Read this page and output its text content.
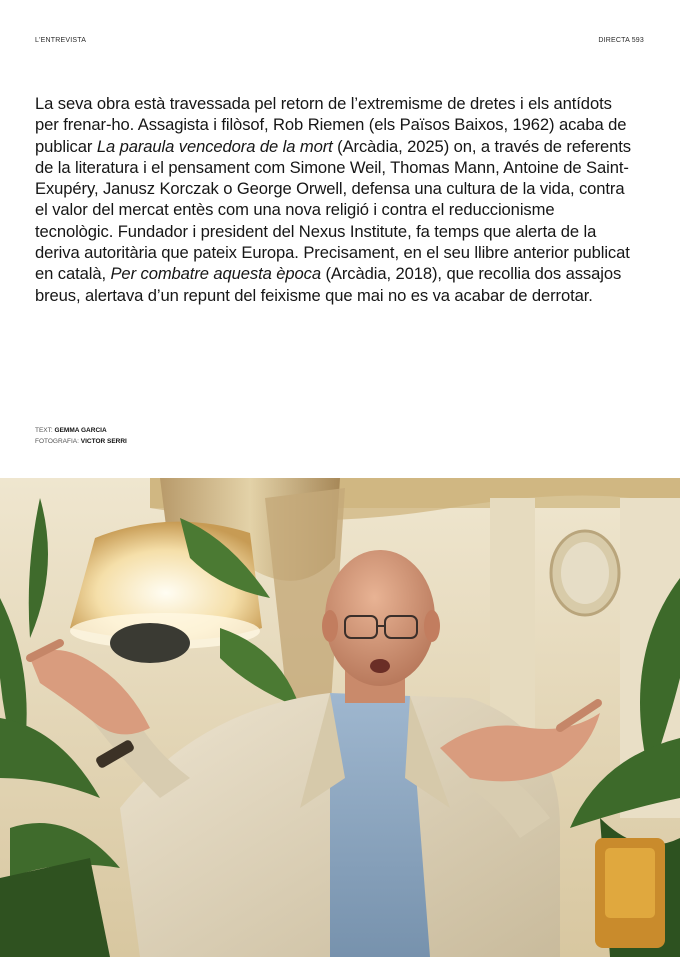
L'ENTREVISTA	DIRECTA 593
La seva obra està travessada pel retorn de l’extremisme de dretes i els antídots per frenar-ho. Assagista i filòsof, Rob Riemen (els Països Baixos, 1962) acaba de publicar La paraula vencedora de la mort (Arcàdia, 2025) on, a través de referents de la literatura i el pensament com Simone Weil, Thomas Mann, Antoine de Saint-Exupéry, Janusz Korczak o George Orwell, defensa una cultura de la vida, contra el valor del mercat entès com una nova religió i contra el reduccionisme tecnològic. Fundador i president del Nexus Institute, fa temps que alerta de la deriva autoritària que pateix Europa. Precisament, en el seu llibre anterior publicat en català, Per combatre aquesta època (Arcàdia, 2018), que recollia dos assajos breus, alertava d’un repunt del feixisme que mai no es va acabar de derrotar.
TEXT: GEMMA GARCIA
FOTOGRAFIA: VICTOR SERRI
